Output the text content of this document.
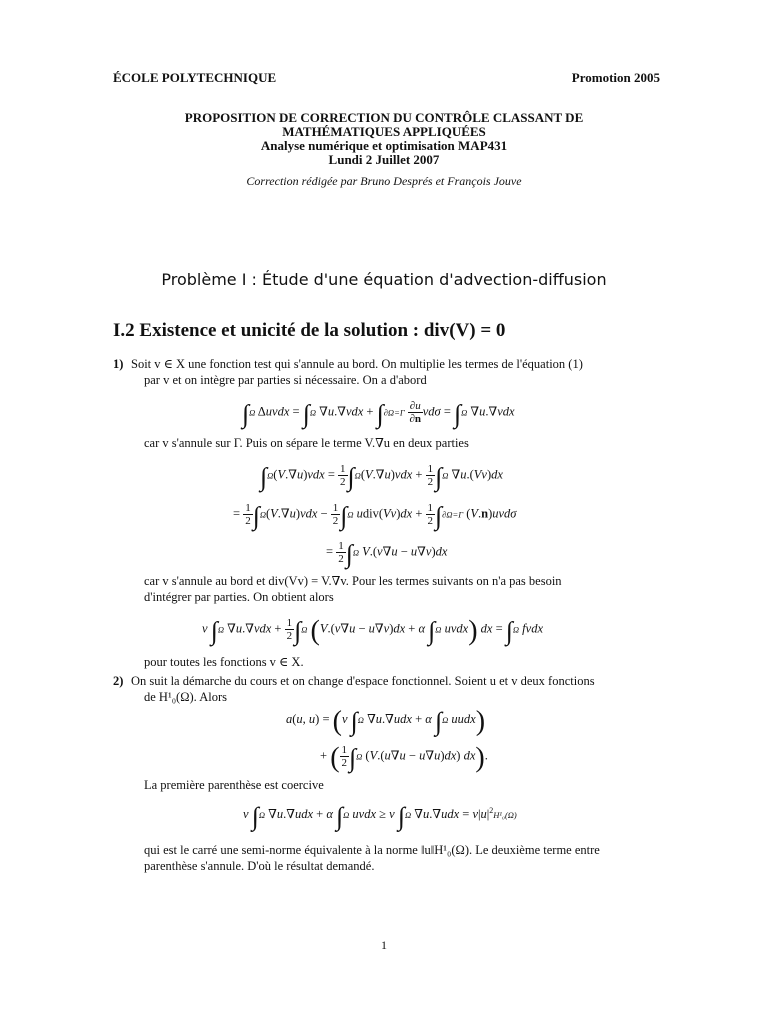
ÉCOLE POLYTECHNIQUE	Promotion 2005
PROPOSITION DE CORRECTION DU CONTRÔLE CLASSANT DE
MATHÉMATIQUES APPLIQUÉES
Analyse numérique et optimisation MAP431
Lundi 2 Juillet 2007
Correction rédigée par Bruno Després et François Jouve
Problème I : Étude d'une équation d'advection-diffusion
I.2 Existence et unicité de la solution : div(V) = 0
1) Soit v ∈ X une fonction test qui s'annule au bord. On multiplie les termes de l'équation (1)
par v et on intègre par parties si nécessaire. On a d'abord
∫Ω Δuvdx = ∫Ω $\nabla u.\nabla vdx + \int\partial\Omega=\Gamma \frac{\partial u}{\partial n}$ vdσ = ∫Ω ∇u.∇vdx
car v s'annule sur Γ. Puis on sépare le terme V.∇u en deux parties
$\int\Omega(V.\nabla u)vdx = \frac{1}{2} \int\Omega(V.\nabla u)vdx + \frac{1}{2} \int\Omega$ ∇u.(Vv)dx
= $\frac{1}{2} \int\Omega(V.\nabla u)vdx - \frac{1}{2} \int\Omega$ udiv(Vv)dx + $\frac{1}{2} \int\partial\Omega=\Gamma$ (V.n)uvdσ
= $\frac{1}{2} \int\Omega$ V.(v∇u − u∇v)dx
car v s'annule au bord et div(Vv) = V.∇v. Pour les termes suivants on n'a pas besoin
d'intégrer par parties. On obtient alors
ν ∫Ω $\nabla u.\nabla vdx + \frac{1}{2} \int\Omega$ (V.(v∇u − u∇v)dx + α ∫Ω uvdx) dx = ∫Ω fvdx
pour toutes les fonctions v ∈ X.
2) On suit la démarche du cours et on change d'espace fonctionnel. Soient u et v deux fonctions
de H¹₀(Ω). Alors
a(u, u) = (ν ∫Ω ∇u.∇udx + α ∫Ω uudx)
+ ( $\frac{1}{2} \int\Omega$ (V.(u∇u − u∇u)dx) dx).
La première parenthèse est coercive
ν ∫Ω ∇u.∇udx + α ∫Ω uvdx ≥ ν ∫Ω $\nabla u.\nabla udx = \nu|u|^2H^1_0(\Omega)$
qui est le carré une semi-norme équivalente à la norme ‖u‖H¹₀(Ω). Le deuxième terme entre
parenthèse s'annule. D'où le résultat demandé.
1
